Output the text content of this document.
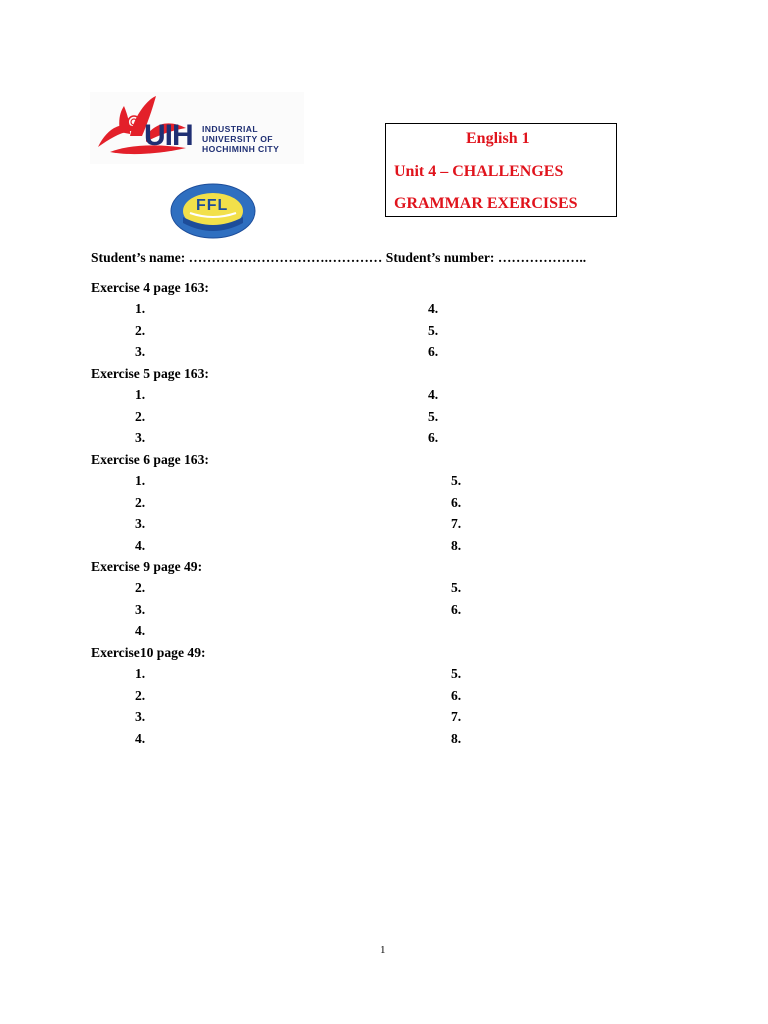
UIH INDUSTRIAL
UNIVERSITY OF
HOCHIMINH CITY
FFL
English 1
Unit 4 – CHALLENGES
GRAMMAR EXERCISES
Student’s name: ………………………….………… Student’s number: ………………..
Exercise 4 page 163:
1.
2.
3.
4.
5.
6.
Exercise 5 page 163:
1.
2.
3.
4.
5.
6.
Exercise 6 page 163:
1.
2.
3.
4.
5.
6.
7.
8.
Exercise 9 page 49:
2.
3.
4.
5.
6.
Exercise10 page 49:
1.
2.
3.
4.
5.
6.
7.
8.
1
